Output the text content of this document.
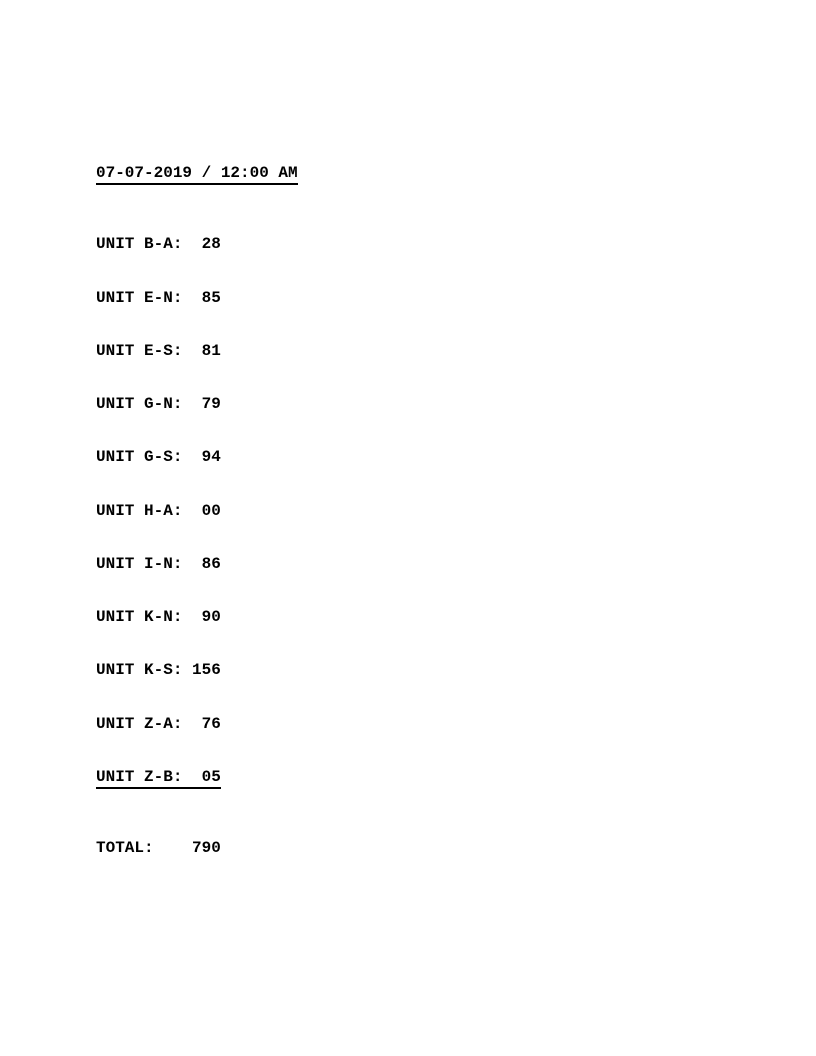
07-07-2019 / 12:00 AM

UNIT B-A:	28

UNIT E-N:	85

UNIT E-S:	81

UNIT G-N:	79

UNIT G-S:	94

UNIT H-A:	00

UNIT I-N:	86

UNIT K-N:	90

UNIT K-S: 156

UNIT Z-A:	76

UNIT Z-B:	05

TOTAL:	790
